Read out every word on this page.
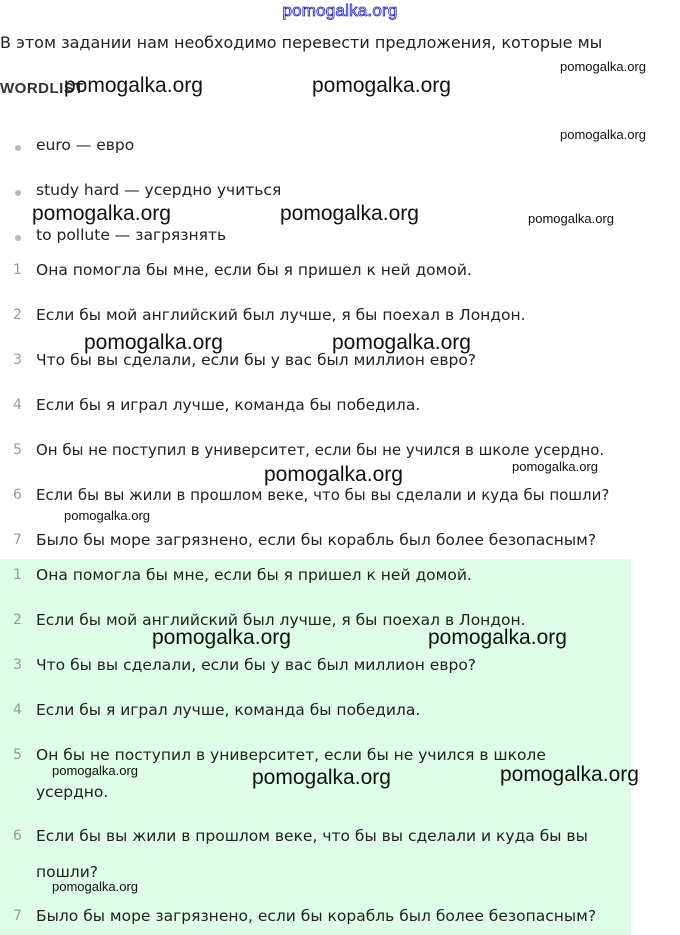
pomogalka.org
В этом задании нам необходимо перевести предложения, которые мы
WORDLIST
euro — евро
study hard — усердно учиться
to pollute — загрязнять
1 Она помогла бы мне, если бы я пришел к ней домой.
2 Если бы мой английский был лучше, я бы поехал в Лондон.
3 Что бы вы сделали, если бы у вас был миллион евро?
4 Если бы я играл лучше, команда бы победила.
5 Он бы не поступил в университет, если бы не учился в школе усердно.
6 Если бы вы жили в прошлом веке, что бы вы сделали и куда бы пошли?
7 Было бы море загрязнено, если бы корабль был более безопасным?
1 Она помогла бы мне, если бы я пришел к ней домой.
2 Если бы мой английский был лучше, я бы поехал в Лондон.
3 Что бы вы сделали, если бы у вас был миллион евро?
4 Если бы я играл лучше, команда бы победила.
5 Он бы не поступил в университет, если бы не учился в школе
усердно.
6 Если бы вы жили в прошлом веке, что бы вы сделали и куда бы вы
пошли?
7 Было бы море загрязнено, если бы корабль был более безопасным?
pomogalka.org
pomogalka.org	pomogalka.org
pomogalka.org
pomogalka.org	pomogalka.org	pomogalka.org
pomogalka.org	pomogalka.org
pomogalka.org	pomogalka.org
pomogalka.org
pomogalka.org	pomogalka.org
pomogalka.org	pomogalka.org	pomogalka.org
pomogalka.org
